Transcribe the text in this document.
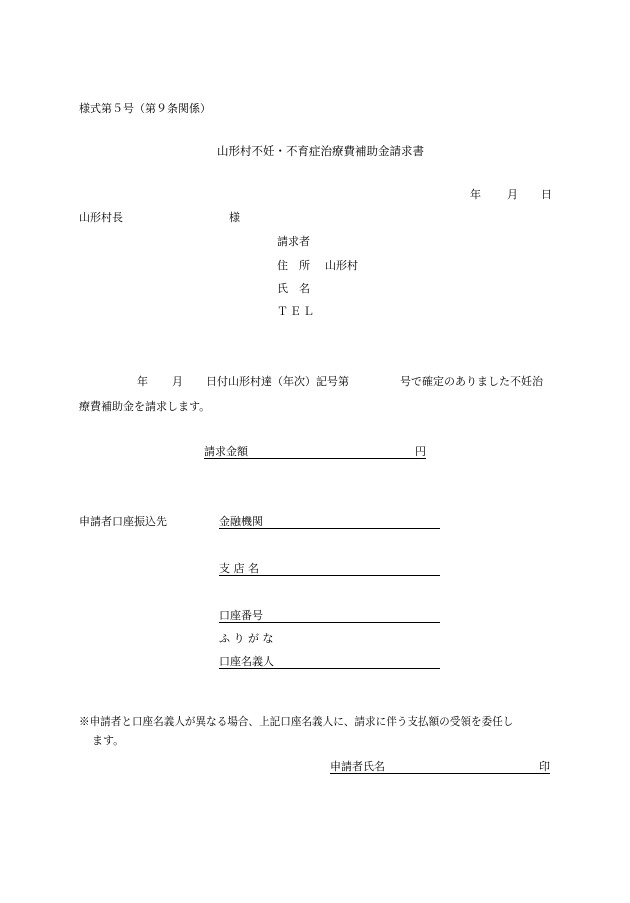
様式第５号（第９条関係）
山形村不妊・不育症治療費補助金請求書
年 月 日
山形村長	様
請求者
住　所 山形村
氏　名
ＴＥＬ
年 月 日付山形村達（年次）記号第	号で確定のありました不妊治
療費補助金を請求します。
請求金額	円
申請者口座振込先	金融機関
支 店 名
口座番号
ふ り が な
口座名義人
※申請者と口座名義人が異なる場合、上記口座名義人に、請求に伴う支払額の受領を委任し
ます。
申請者氏名	印
